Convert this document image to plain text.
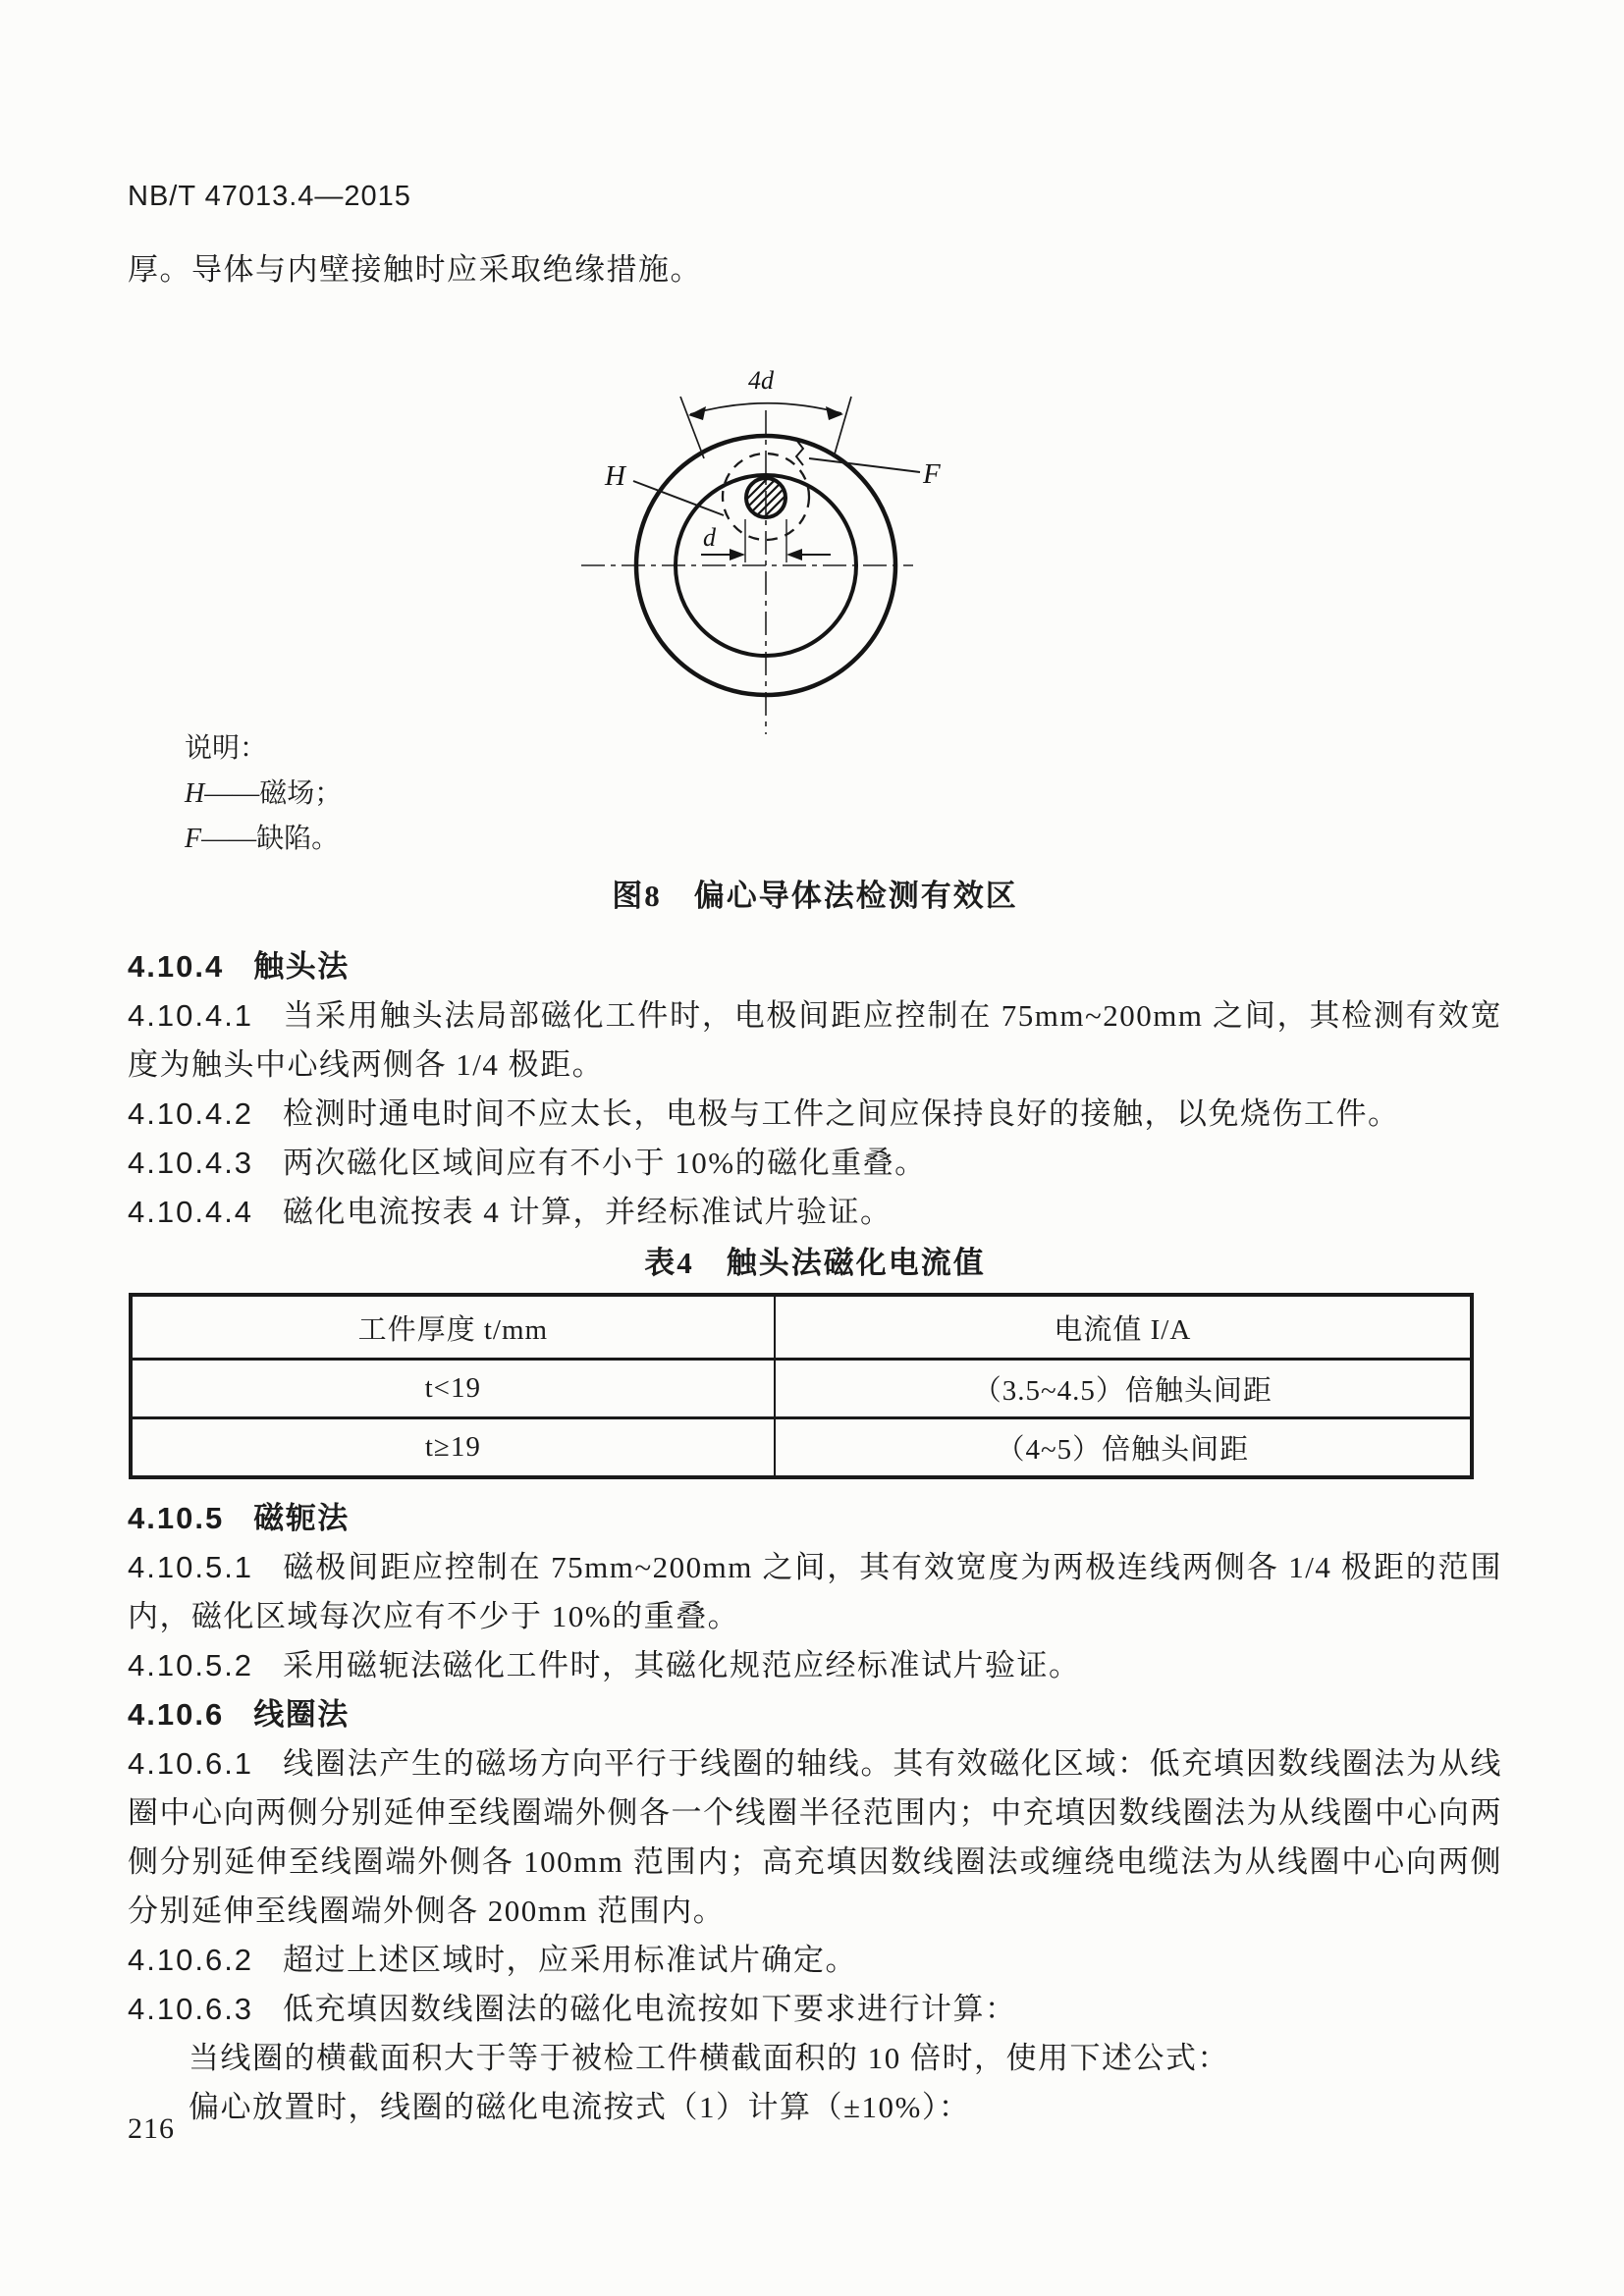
NB/T 47013.4—2015

厚。导体与内壁接触时应采取绝缘措施。

4d
H	F
d
说明：
H——磁场；
F——缺陷。
图8　偏心导体法检测有效区
4.10.4 触头法

4.10.4.1 当采用触头法局部磁化工件时，电极间距应控制在 75mm~200mm 之间，其检测有效宽度为触头中心线两侧各 1/4 极距。

4.10.4.2 检测时通电时间不应太长，电极与工件之间应保持良好的接触，以免烧伤工件。

4.10.4.3 两次磁化区域间应有不小于 10%的磁化重叠。

4.10.4.4 磁化电流按表 4 计算，并经标准试片验证。

表4　触头法磁化电流值
工件厚度 t/mm	电流值 I/A
t<19	（3.5~4.5）倍触头间距
t≥19	（4~5）倍触头间距
4.10.5 磁轭法

4.10.5.1 磁极间距应控制在 75mm~200mm 之间，其有效宽度为两极连线两侧各 1/4 极距的范围内，磁化区域每次应有不少于 10%的重叠。

4.10.5.2 采用磁轭法磁化工件时，其磁化规范应经标准试片验证。

4.10.6 线圈法

4.10.6.1 线圈法产生的磁场方向平行于线圈的轴线。其有效磁化区域：低充填因数线圈法为从线圈中心向两侧分别延伸至线圈端外侧各一个线圈半径范围内；中充填因数线圈法为从线圈中心向两侧分别延伸至线圈端外侧各 100mm 范围内；高充填因数线圈法或缠绕电缆法为从线圈中心向两侧分别延伸至线圈端外侧各 200mm 范围内。

4.10.6.2 超过上述区域时，应采用标准试片确定。

4.10.6.3 低充填因数线圈法的磁化电流按如下要求进行计算：

当线圈的横截面积大于等于被检工件横截面积的 10 倍时，使用下述公式：

偏心放置时，线圈的磁化电流按式（1）计算（±10%）：

216
